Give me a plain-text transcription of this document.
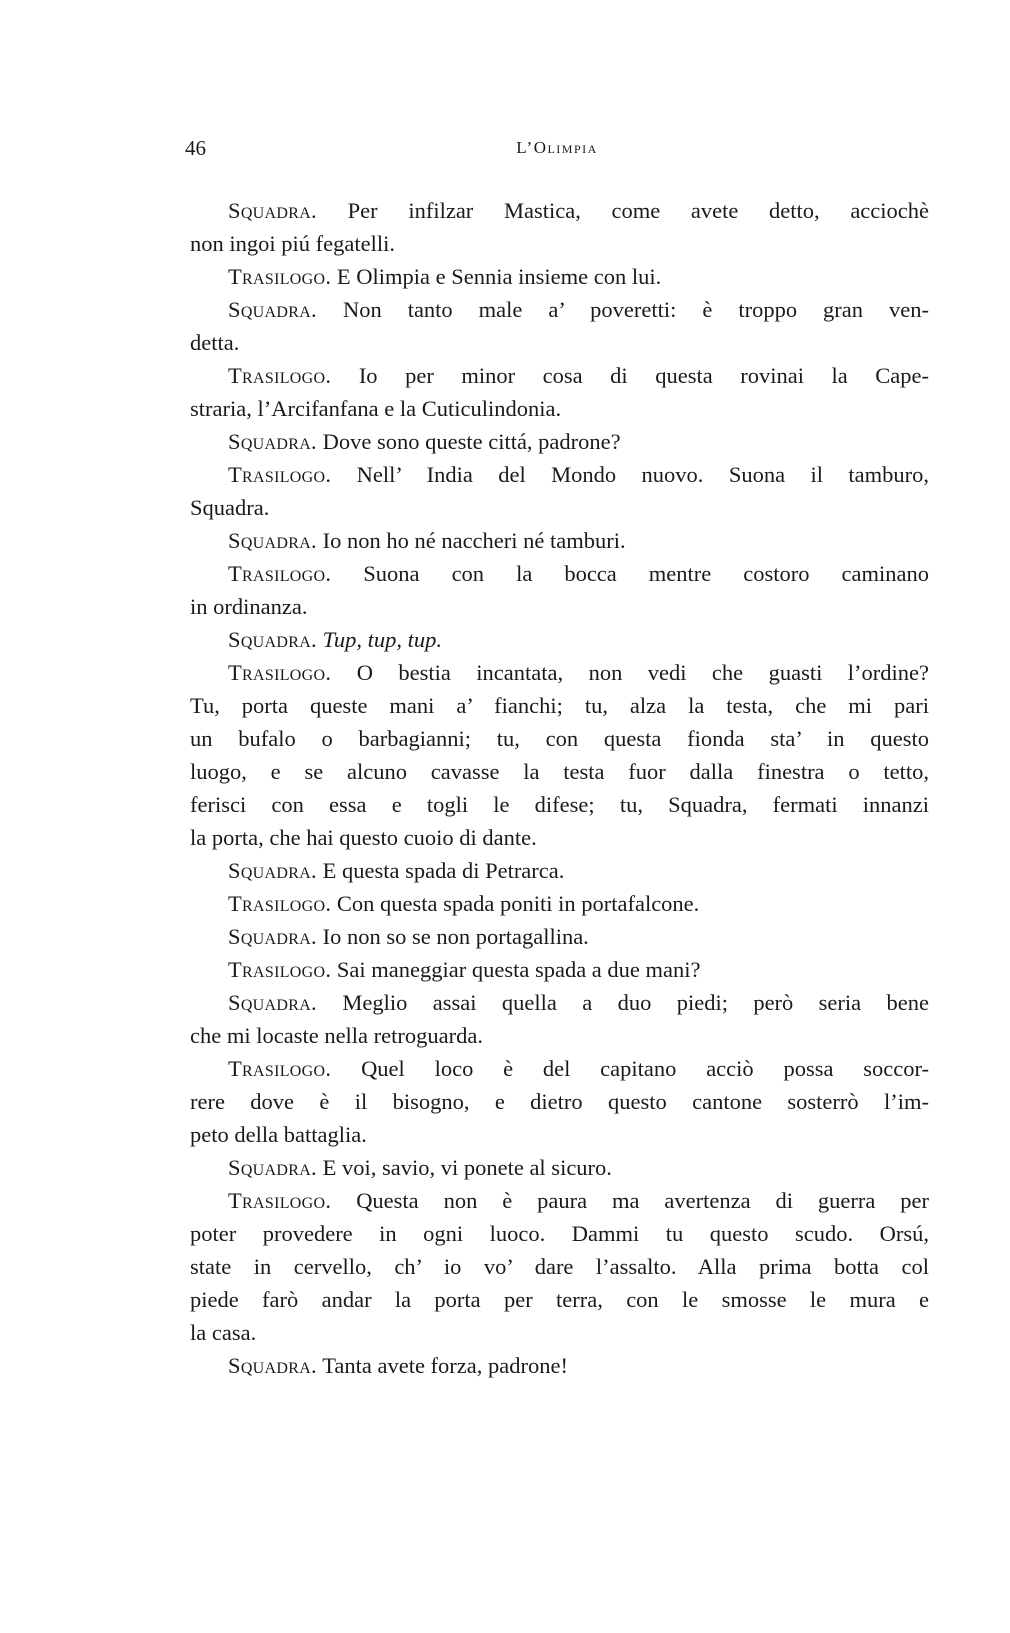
46	L’Olimpia
Squadra. Per infilzar Mastica, come avete detto, acciochè
non ingoi piú fegatelli.
Trasilogo. E Olimpia e Sennia insieme con lui.
Squadra. Non tanto male a’ poveretti: è troppo gran ven-
detta.
Trasilogo. Io per minor cosa di questa rovinai la Cape-
straria, l’Arcifanfana e la Cuticulindonia.
Squadra. Dove sono queste cittá, padrone?
Trasilogo. Nell’ India del Mondo nuovo. Suona il tamburo,
Squadra.
Squadra. Io non ho né naccheri né tamburi.
Trasilogo. Suona con la bocca mentre costoro caminano
in ordinanza.
Squadra. Tup, tup, tup.
Trasilogo. O bestia incantata, non vedi che guasti l’ordine?
Tu, porta queste mani a’ fianchi; tu, alza la testa, che mi pari
un bufalo o barbagianni; tu, con questa fionda sta’ in questo
luogo, e se alcuno cavasse la testa fuor dalla finestra o tetto,
ferisci con essa e togli le difese; tu, Squadra, fermati innanzi
la porta, che hai questo cuoio di dante.
Squadra. E questa spada di Petrarca.
Trasilogo. Con questa spada poniti in portafalcone.
Squadra. Io non so se non portagallina.
Trasilogo. Sai maneggiar questa spada a due mani?
Squadra. Meglio assai quella a duo piedi; però seria bene
che mi locaste nella retroguarda.
Trasilogo. Quel loco è del capitano acciò possa soccor-
rere dove è il bisogno, e dietro questo cantone sosterrò l’im-
peto della battaglia.
Squadra. E voi, savio, vi ponete al sicuro.
Trasilogo. Questa non è paura ma avertenza di guerra per
poter provedere in ogni luoco. Dammi tu questo scudo. Orsú,
state in cervello, ch’ io vo’ dare l’assalto. Alla prima botta col
piede farò andar la porta per terra, con le smosse le mura e
la casa.
Squadra. Tanta avete forza, padrone!
